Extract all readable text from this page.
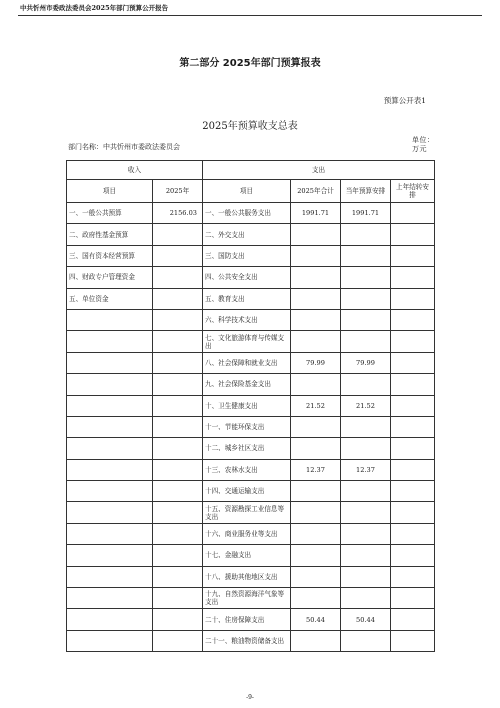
中共忻州市委政法委员会2025年部门预算公开报告
第二部分 2025年部门预算报表
预算公开表1
2025年预算收支总表
部门名称：中共忻州市委政法委员会
单位：万元
收入		支出			
项目	2025年	项目	2025年合计	当年预算安排	上年结转安排
一、一般公共预算	2156.03	一、一般公共服务支出	1991.71	1991.71	
二、政府性基金预算		二、外交支出			
三、国有资本经营预算		三、国防支出			
四、财政专户管理资金		四、公共安全支出			
五、单位资金		五、教育支出			
		六、科学技术支出			
		七、文化旅游体育与传媒支出			
		八、社会保障和就业支出	79.99	79.99	
		九、社会保险基金支出			
		十、卫生健康支出	21.52	21.52	
		十一、节能环保支出			
		十二、城乡社区支出			
		十三、农林水支出	12.37	12.37	
		十四、交通运输支出			
		十五、资源勘探工业信息等支出			
		十六、商业服务业等支出			
		十七、金融支出			
		十八、援助其他地区支出			
		十九、自然资源海洋气象等支出			
		二十、住房保障支出	50.44	50.44	
		二十一、粮油物资储备支出			
-9-
